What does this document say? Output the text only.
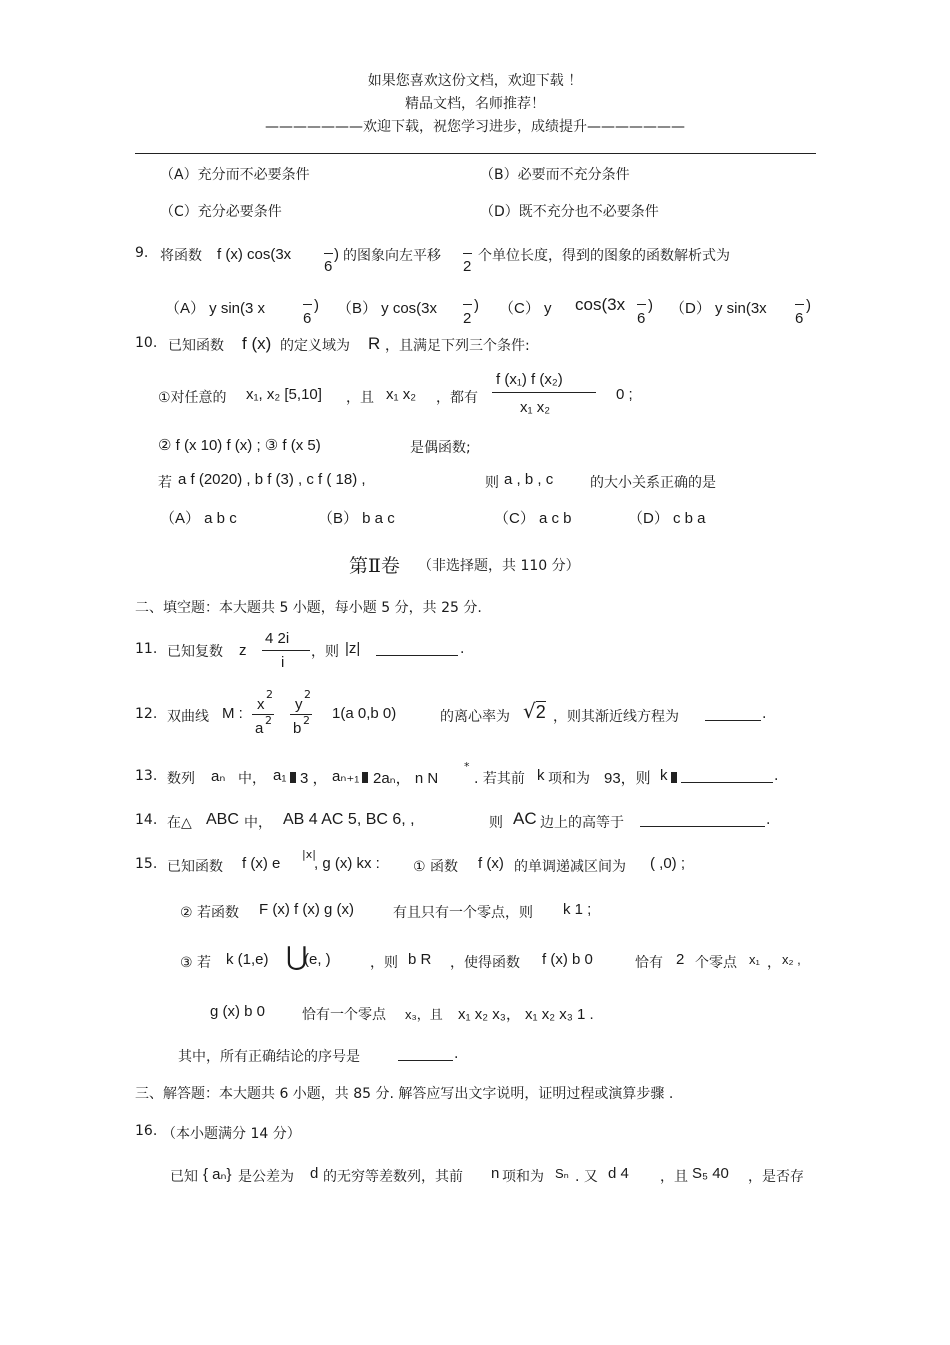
如果您喜欢这份文档，欢迎下载 ！
精品文档，名师推荐！
———————欢迎下载，祝您学习进步，成绩提升———————
（A）充分而不必要条件	（B）必要而不充分条件
（C）充分必要条件	（D）既不充分也不必要条件
9. 将函数 f (x) cos(3x
6
) 的图象向左平移
2
个单位长度，得到的图象的函数解析式为
（A） y sin(3 x
6
) （B） y cos(3x
2
) （C） y cos(3x
6
) （D） y sin(3x
6
)
10. 已知函数 f (x) 的定义域为 R ，且满足下列三个条件:
①对任意的 x₁, x₂ [5,10] ，且 x₁ x₂ ，都有
f (x₁) f (x₂)
x₁ x₂
0 ;
② f (x 10) f (x) ; ③ f (x 5)	是偶函数;
若 a f (2020) , b f (3) , c f ( 18) ,	则 a , b , c	的大小关系正确的是
（A） a b c	（B） b a c	（C） a c b	（D） c b a
第Ⅱ卷 （非选择题，共 110 分）
二、填空题：本大题共 5 小题，每小题 5 分，共 25 分.
11. 已知复数 z
4 2i
i
，则 |z|	.
12. 双曲线 M :
x
2
a 2
y
2
b 2 1(a 0,b 0)	的离心率为 √2 ，则其渐近线方程为	.
13. 数列 aₙ 中， a₁ 3 ， aₙ₊₁ 2aₙ， n N
*
. 若其前 k 项和为 93，则 k	.
14. 在△ ABC 中， AB 4 AC 5, BC 6, ,	则 AC 边上的高等于	.
15. 已知函数 f (x) e
|x|
, g (x) kx : ① 函数 f (x) 的单调递减区间为 ( ,0) ;
② 若函数 F (x) f (x) g (x)	有且只有一个零点，则 k 1 ;
③ 若 k (1,e) ⋃
(e, )	，则 b R ，使得函数 f (x) b 0	恰有 2 个零点 x₁ ， x₂ ,
g (x) b 0	恰有一个零点 x₃，且 x₁ x₂ x₃， x₁ x₂ x₃ 1 .
其中，所有正确结论的序号是	.
三、解答题：本大题共 6 小题，共 85 分. 解答应写出文字说明，证明过程或演算步骤 .
16. （本小题满分 14 分）
已知 { aₙ} 是公差为 d 的无穷等差数列，其前 n 项和为 Sₙ . 又 d 4 ，且 S₅ 40 ，是否存
